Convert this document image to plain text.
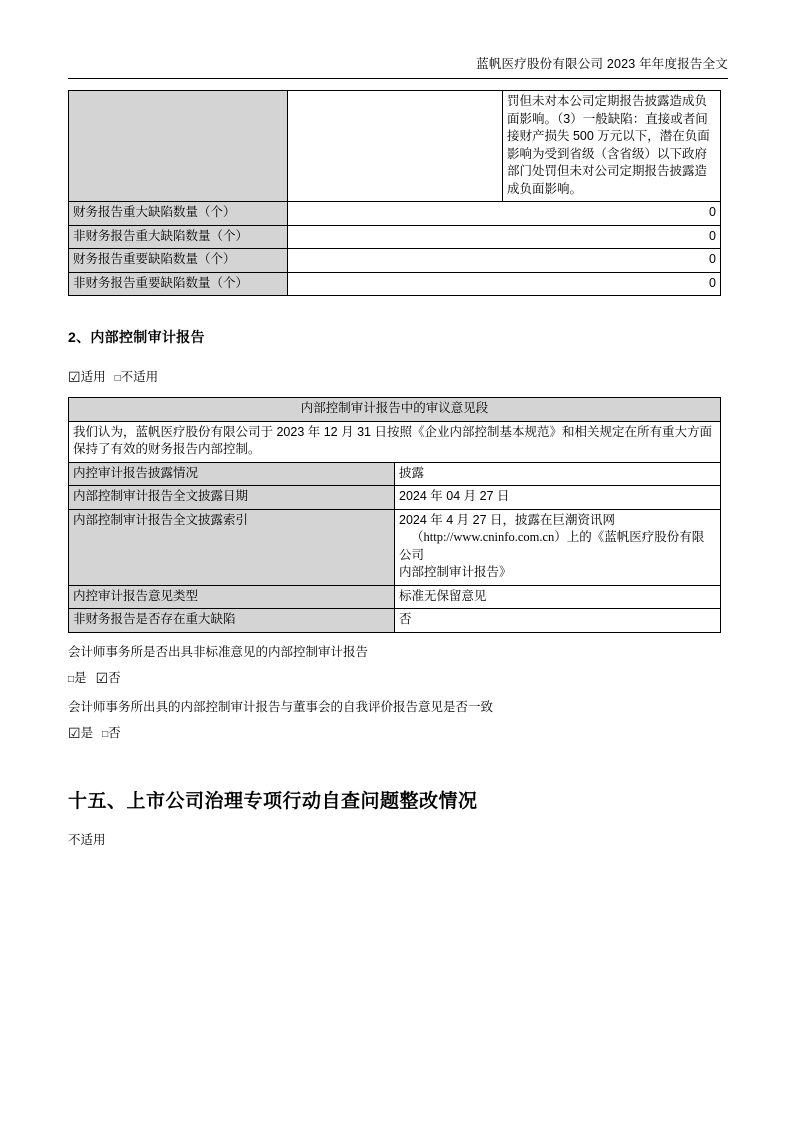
蓝帆医疗股份有限公司 2023 年年度报告全文
		罚但未对本公司定期报告披露造成负面影响。（3）一般缺陷：直接或者间接财产损失 500 万元以下，潜在负面影响为受到省级（含省级）以下政府部门处罚但未对公司定期报告披露造成负面影响。
财务报告重大缺陷数量（个）	0	
非财务报告重大缺陷数量（个）	0	
财务报告重要缺陷数量（个）	0	
非财务报告重要缺陷数量（个）	0	
2、内部控制审计报告

☑适用 □不适用

内部控制审计报告中的审议意见段	
我们认为，蓝帆医疗股份有限公司于 2023 年 12 月 31 日按照《企业内部控制基本规范》和相关规定在所有重大方面保持了有效的财务报告内部控制。	
内控审计报告披露情况	披露
内部控制审计报告全文披露日期	2024 年 04 月 27 日
内部控制审计报告全文披露索引	2024 年 4 月 27 日，披露在巨潮资讯网
（http://www.cninfo.com.cn）上的《蓝帆医疗股份有限公司
内部控制审计报告》
内控审计报告意见类型	标准无保留意见
非财务报告是否存在重大缺陷	否

会计师事务所是否出具非标准意见的内部控制审计报告

□是 ☑否

会计师事务所出具的内部控制审计报告与董事会的自我评价报告意见是否一致

☑是 □否

十五、上市公司治理专项行动自查问题整改情况

不适用
